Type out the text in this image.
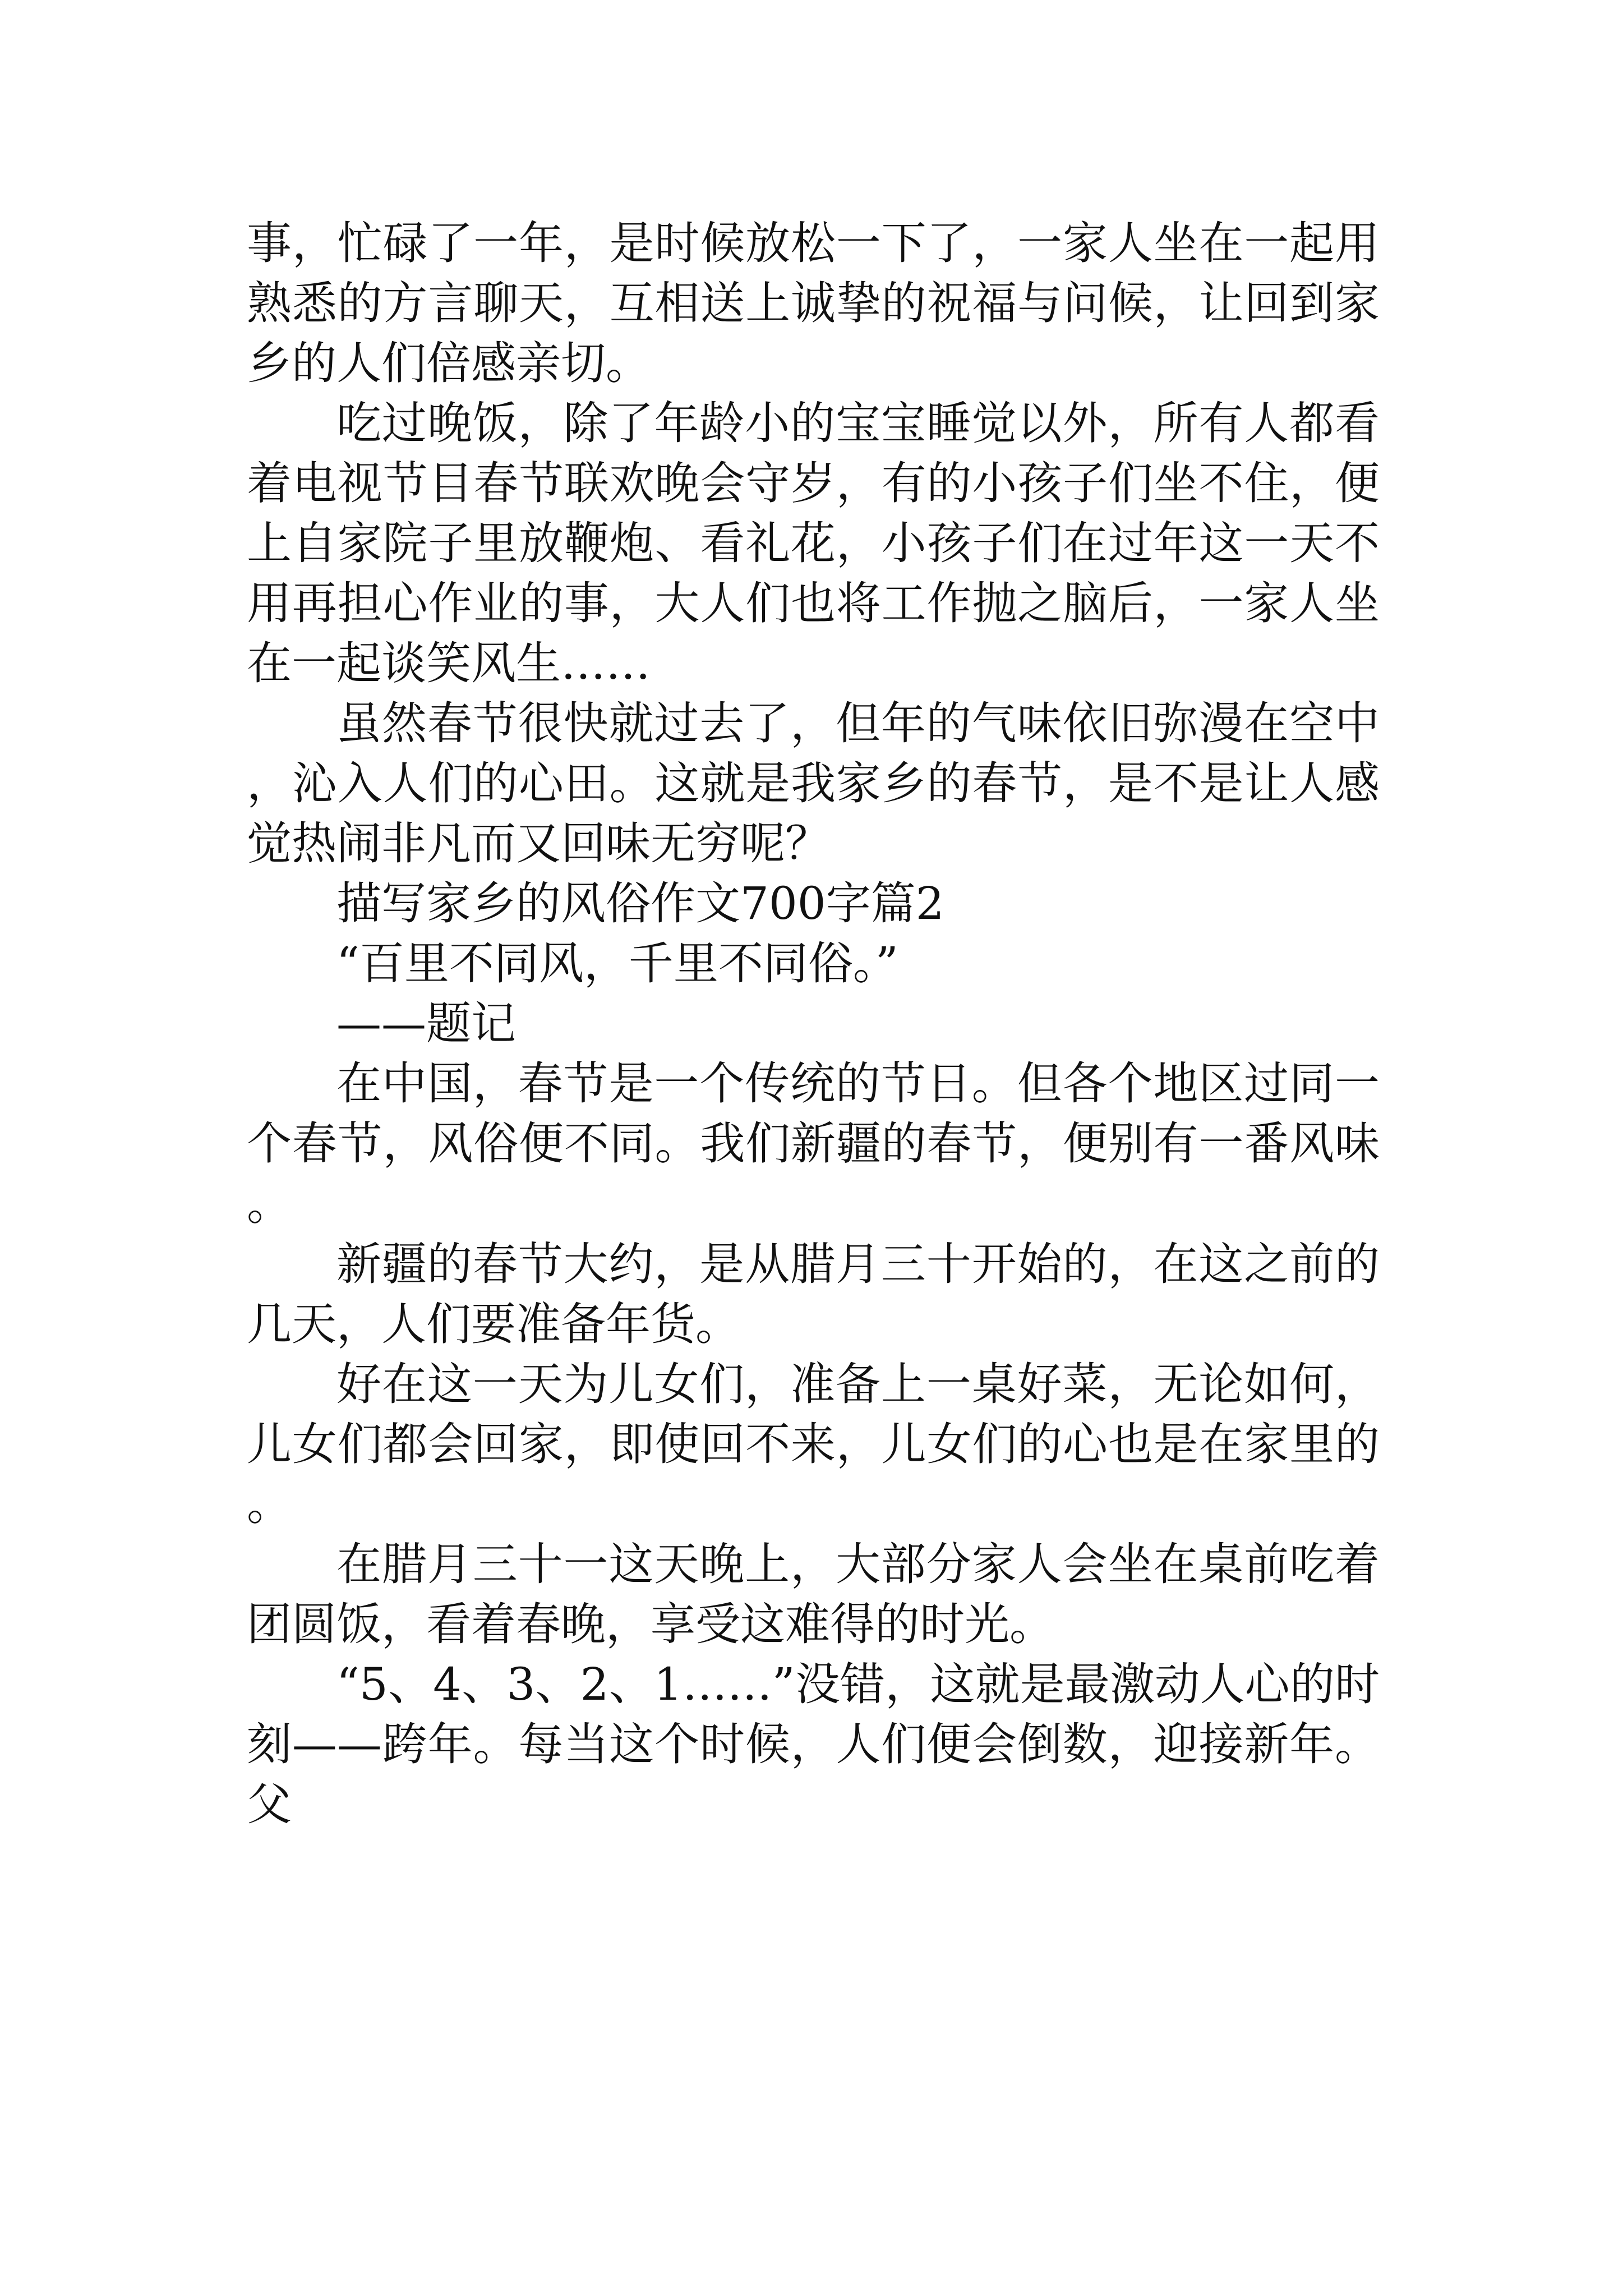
事，忙碌了一年，是时候放松一下了，一家人坐在一起用熟悉的方言聊天，互相送上诚挚的祝福与问候，让回到家乡的人们倍感亲切。

吃过晚饭，除了年龄小的宝宝睡觉以外，所有人都看着电视节目春节联欢晚会守岁，有的小孩子们坐不住，便上自家院子里放鞭炮、看礼花，小孩子们在过年这一天不用再担心作业的事，大人们也将工作抛之脑后，一家人坐在一起谈笑风生……

虽然春节很快就过去了，但年的气味依旧弥漫在空中，沁入人们的心田。这就是我家乡的春节，是不是让人感觉热闹非凡而又回味无穷呢？

描写家乡的风俗作文700字篇2

“百里不同风，千里不同俗。”

——题记

在中国，春节是一个传统的节日。但各个地区过同一个春节，风俗便不同。我们新疆的春节，便别有一番风味。

新疆的春节大约，是从腊月三十开始的，在这之前的几天，人们要准备年货。

好在这一天为儿女们，准备上一桌好菜，无论如何，儿女们都会回家，即使回不来，儿女们的心也是在家里的。

在腊月三十一这天晚上，大部分家人会坐在桌前吃着团圆饭，看着春晚，享受这难得的时光。

“5、4、3、2、1……”没错，这就是最激动人心的时刻——跨年。每当这个时候，人们便会倒数，迎接新年。父
